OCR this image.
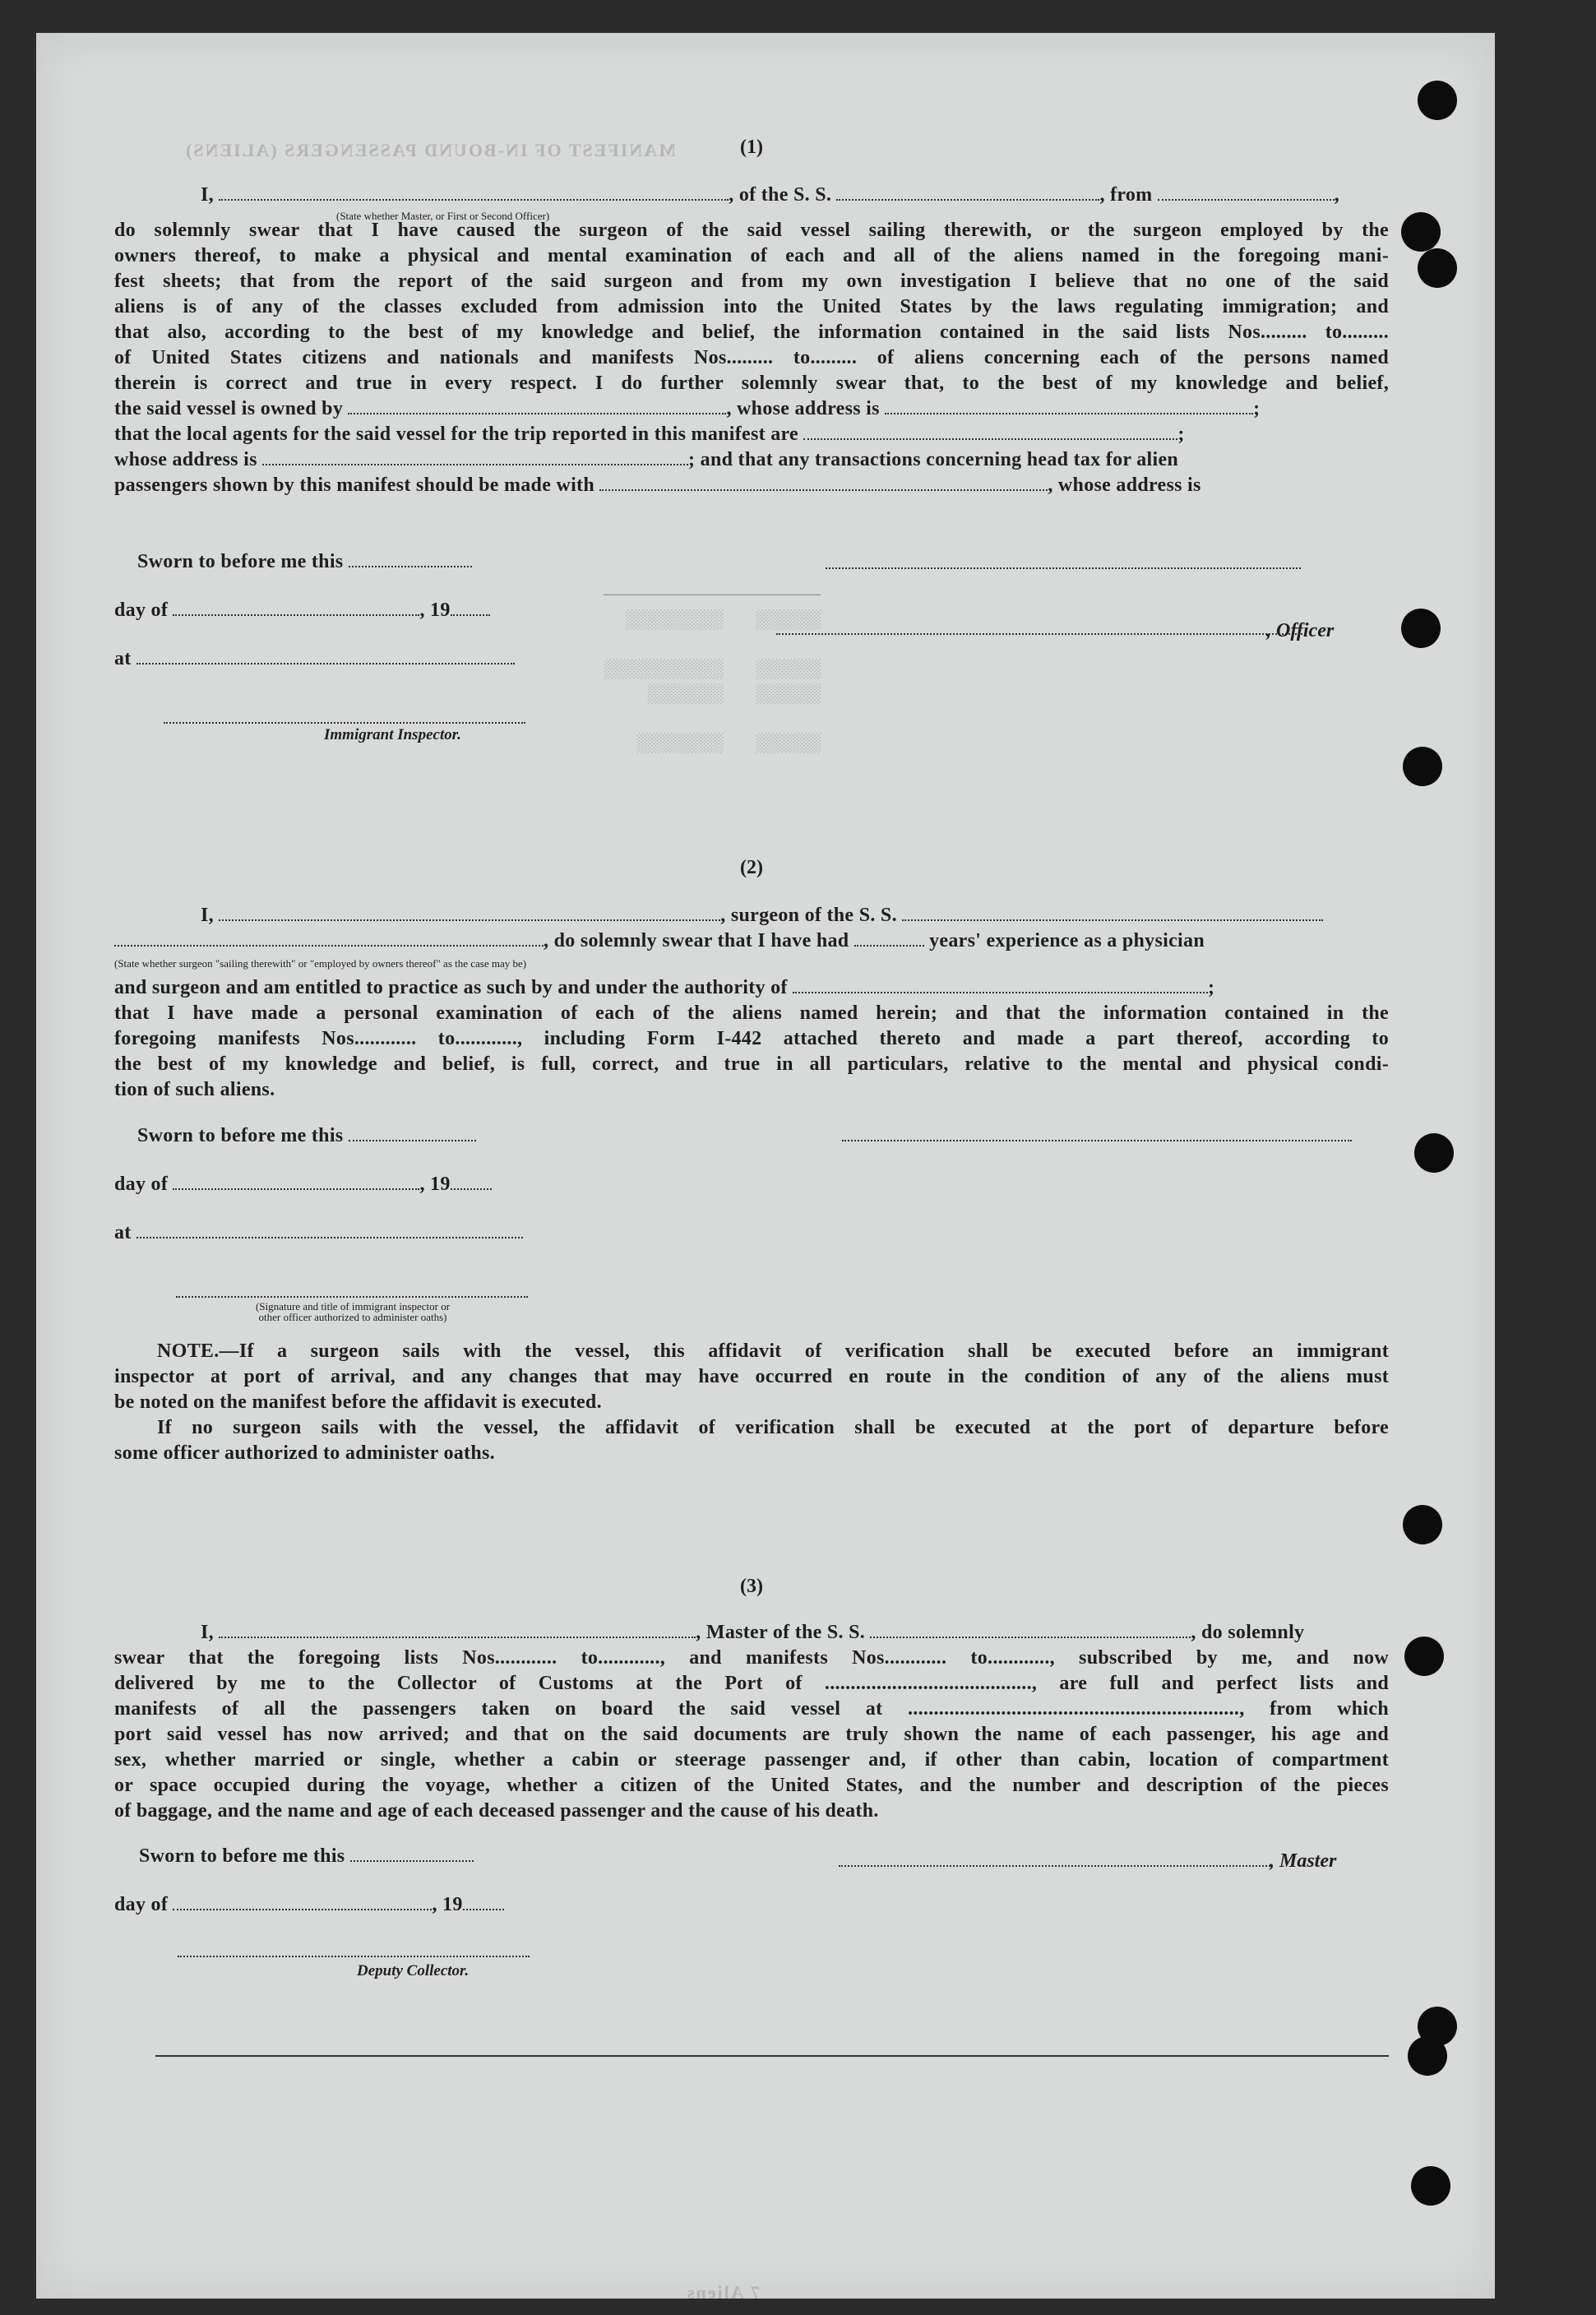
MANIFEST OF IN-BOUND PASSENGERS (ALIENS)
7 Aliens

────────────────────
░░░░░░   ░░░░░░░░░

░░░░░░   ░░░░░░░░░░░
░░░░░░   ░░░░░░░

░░░░░░   ░░░░░░░░

(1)
I,	, of the S. S.	, from	,
(State whether Master, or First or Second Officer)
do solemnly swear that I have caused the surgeon of the said vessel sailing therewith, or the surgeon employed by the
owners thereof, to make a physical and mental examination of each and all of the aliens named in the foregoing mani-
fest sheets; that from the report of the said surgeon and from my own investigation I believe that no one of the said
aliens is of any of the classes excluded from admission into the United States by the laws regulating immigration; and
that also, according to the best of my knowledge and belief, the information contained in the said lists Nos......... to.........
of United States citizens and nationals and manifests Nos......... to......... of aliens concerning each of the persons named
therein is correct and true in every respect. I do further solemnly swear that, to the best of my knowledge and belief,
the said vessel is owned by	, whose address is	;
that the local agents for the said vessel for the trip reported in this manifest are	;
whose address is	; and that any transactions concerning head tax for alien
passengers shown by this manifest should be made with	, whose address is
Sworn to before me this
day of	, 19
at
Immigrant Inspector.
, Officer
(2)
I,	, surgeon of the S. S.
, do solemnly swear that I have had	years' experience as a physician
(State whether surgeon "sailing therewith" or "employed by owners thereof" as the case may be)
and surgeon and am entitled to practice as such by and under the authority of	;
that I have made a personal examination of each of the aliens named herein; and that the information contained in the
foregoing manifests Nos............ to............, including Form I-442 attached thereto and made a part thereof, according to
the best of my knowledge and belief, is full, correct, and true in all particulars, relative to the mental and physical condi-
tion of such aliens.
Sworn to before me this
day of	, 19
at
(Signature and title of immigrant inspector or
other officer authorized to administer oaths)
NOTE.—If a surgeon sails with the vessel, this affidavit of verification shall be executed before an immigrant
inspector at port of arrival, and any changes that may have occurred en route in the condition of any of the aliens must
be noted on the manifest before the affidavit is executed.
If no surgeon sails with the vessel, the affidavit of verification shall be executed at the port of departure before
some officer authorized to administer oaths.
(3)
I,	, Master of the S. S.	, do solemnly
swear that the foregoing lists Nos............ to............, and manifests Nos............ to............, subscribed by me, and now
delivered by me to the Collector of Customs at the Port of ........................................, are full and perfect lists and
manifests of all the passengers taken on board the said vessel at ................................................................, from which
port said vessel has now arrived; and that on the said documents are truly shown the name of each passenger, his age and
sex, whether married or single, whether a cabin or steerage passenger and, if other than cabin, location of compartment
or space occupied during the voyage, whether a citizen of the United States, and the number and description of the pieces
of baggage, and the name and age of each deceased passenger and the cause of his death.
Sworn to before me this
day of	, 19
, Master
Deputy Collector.
